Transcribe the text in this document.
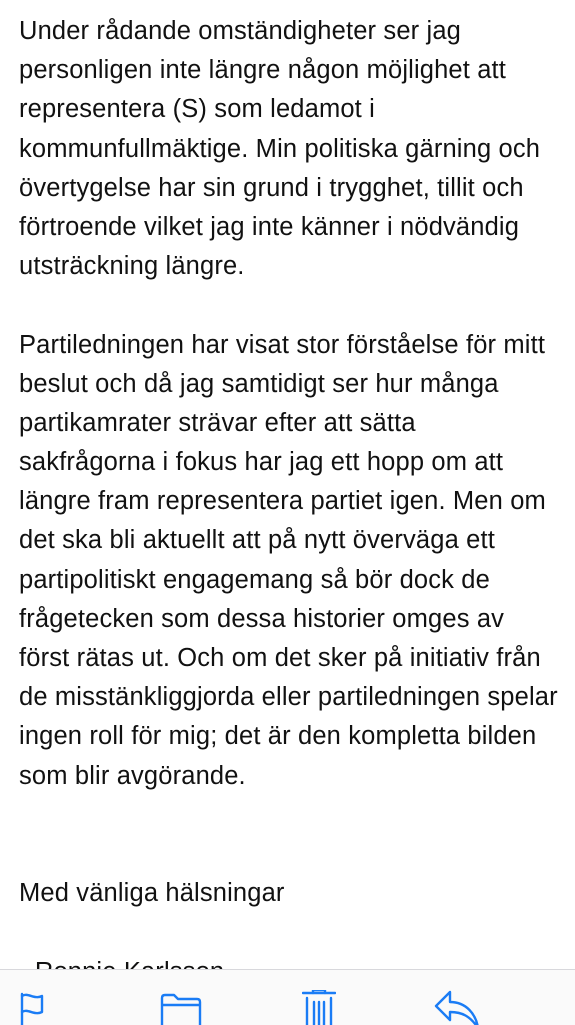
Under rådande omständigheter ser jag
personligen inte längre någon möjlighet att
representera (S) som ledamot i
kommunfullmäktige. Min politiska gärning och
övertygelse har sin grund i trygghet, tillit och
förtroende vilket jag inte känner i nödvändig
utsträckning längre.
Partiledningen har visat stor förståelse för mitt
beslut och då jag samtidigt ser hur många
partikamrater strävar efter att sätta
sakfrågorna i fokus har jag ett hopp om att
längre fram representera partiet igen. Men om
det ska bli aktuellt att på nytt överväga ett
partipolitiskt engagemang så bör dock de
frågetecken som dessa historier omges av
först rätas ut. Och om det sker på initiativ från
de misstänkliggjorda eller partiledningen spelar
ingen roll för mig; det är den kompletta bilden
som blir avgörande.
Med vänliga hälsningar
